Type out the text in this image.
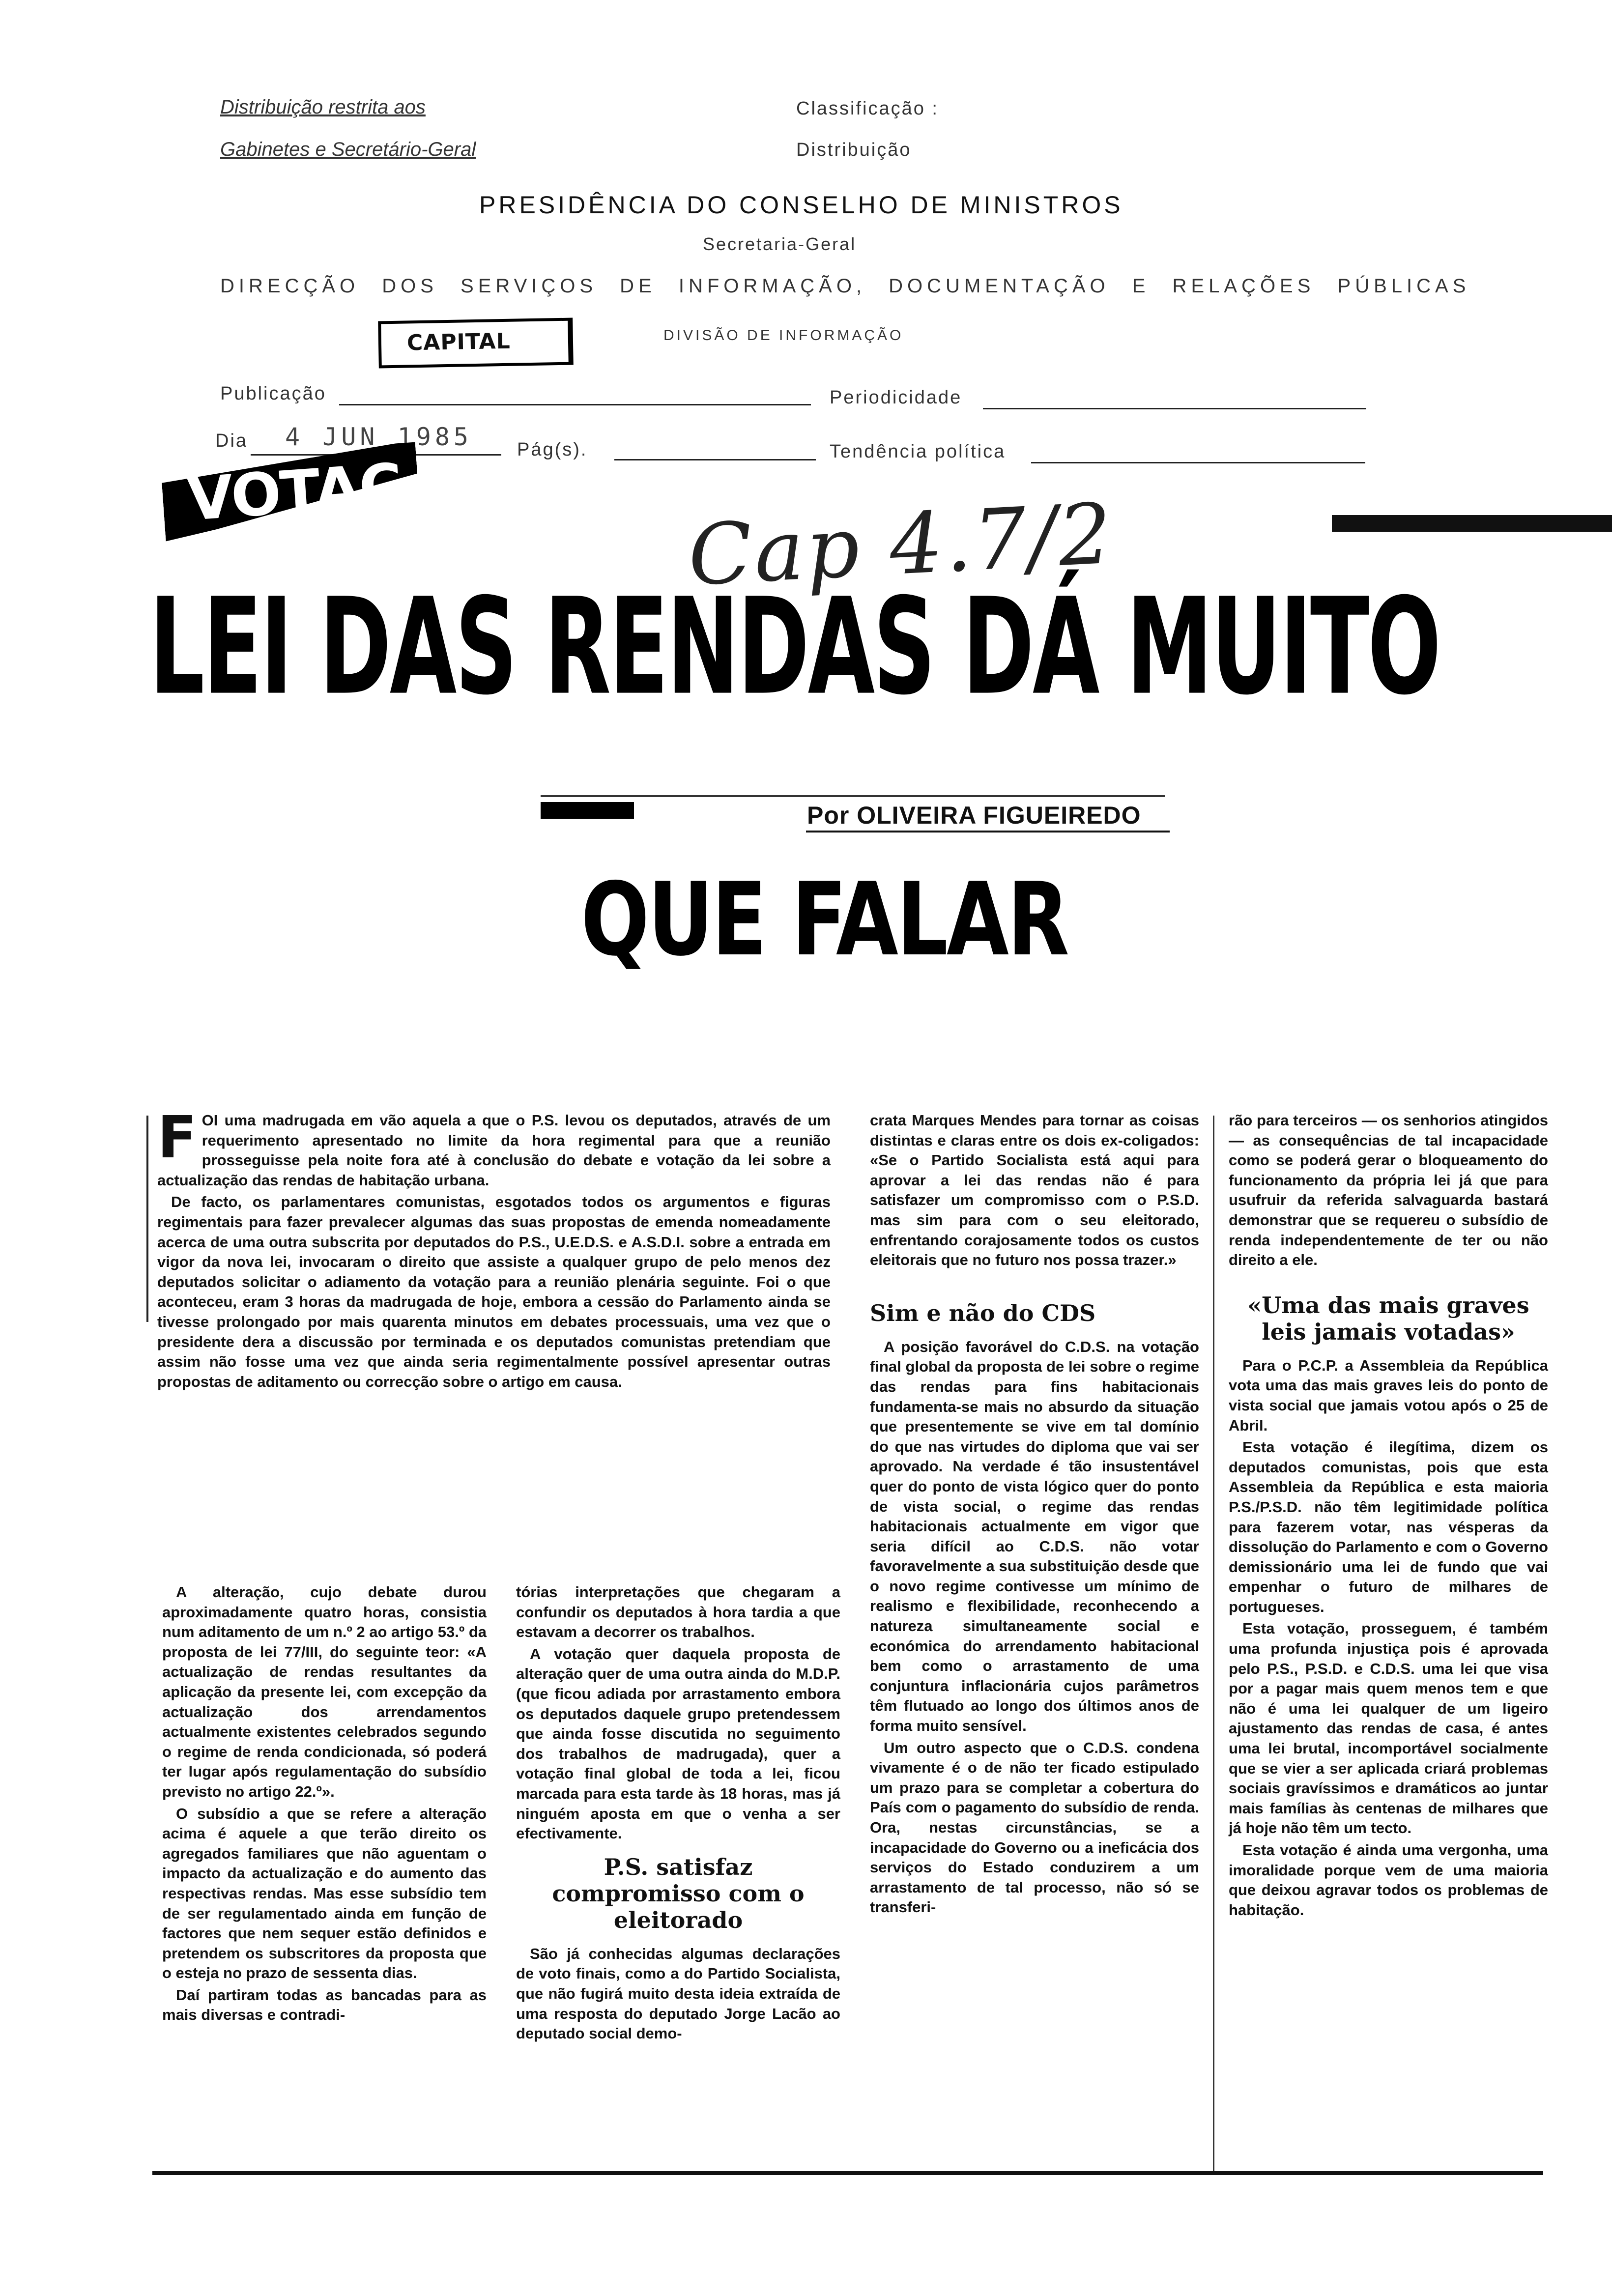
Distribuição restrita aos
Gabinetes e Secretário-Geral
Classificação :
Distribuição
PRESIDÊNCIA DO CONSELHO DE MINISTROS
Secretaria-Geral
DIRECÇÃO DOS SERVIÇOS DE INFORMAÇÃO, DOCUMENTAÇÃO E RELAÇÕES PÚBLICAS
CAPITAL	DIVISÃO DE INFORMAÇÃO
Publicação	Periodicidade
Dia 4 JUN 1985 Pág(s).	Tendência política
VOTAÇ	Cap 4.7/2
LEI DAS RENDAS DÁ MUITO
Por OLIVEIRA FIGUEIREDO
QUE FALAR

FOI uma madrugada em vão aquela a que o P.S. levou os deputados, através de um requerimento apresentado no limite da hora regimental para que a reunião prosseguisse pela noite fora até à conclusão do debate e votação da lei sobre a actualização das rendas de habitação urbana.

De facto, os parlamentares comunistas, esgotados todos os argumentos e figuras regimentais para fazer prevalecer algumas das suas propostas de emenda nomeadamente acerca de uma outra subscrita por deputados do P.S., U.E.D.S. e A.S.D.I. sobre a entrada em vigor da nova lei, invocaram o direito que assiste a qualquer grupo de pelo menos dez deputados solicitar o adiamento da votação para a reunião plenária seguinte. Foi o que aconteceu, eram 3 horas da madrugada de hoje, embora a cessão do Parlamento ainda se tivesse prolongado por mais quarenta minutos em debates processuais, uma vez que o presidente dera a discussão por terminada e os deputados comunistas pretendiam que assim não fosse uma vez que ainda seria regimentalmente possível apresentar outras propostas de aditamento ou correcção sobre o artigo em causa.

A alteração, cujo debate durou aproximadamente quatro horas, consistia num aditamento de um n.º 2 ao artigo 53.º da proposta de lei 77/III, do seguinte teor: «A actualização de rendas resultantes da aplicação da presente lei, com excepção da actualização dos arrendamentos actualmente existentes celebrados segundo o regime de renda condicionada, só poderá ter lugar após regulamentação do subsídio previsto no artigo 22.º».

O subsídio a que se refere a alteração acima é aquele a que terão direito os agregados familiares que não aguentam o impacto da actualização e do aumento das respectivas rendas. Mas esse subsídio tem de ser regulamentado ainda em função de factores que nem sequer estão definidos e pretendem os subscritores da proposta que o esteja no prazo de sessenta dias.

Daí partiram todas as bancadas para as mais diversas e contradi-

tórias interpretações que chegaram a confundir os deputados à hora tardia a que estavam a decorrer os trabalhos.

A votação quer daquela proposta de alteração quer de uma outra ainda do M.D.P. (que ficou adiada por arrastamento embora os deputados daquele grupo pretendessem que ainda fosse discutida no seguimento dos trabalhos de madrugada), quer a votação final global de toda a lei, ficou marcada para esta tarde às 18 horas, mas já ninguém aposta em que o venha a ser efectivamente.

P.S. satisfaz compromisso com o eleitorado

São já conhecidas algumas declarações de voto finais, como a do Partido Socialista, que não fugirá muito desta ideia extraída de uma resposta do deputado Jorge Lacão ao deputado social demo-

crata Marques Mendes para tornar as coisas distintas e claras entre os dois ex-coligados: «Se o Partido Socialista está aqui para aprovar a lei das rendas não é para satisfazer um compromisso com o P.S.D. mas sim para com o seu eleitorado, enfrentando corajosamente todos os custos eleitorais que no futuro nos possa trazer.»

Sim e não do CDS

A posição favorável do C.D.S. na votação final global da proposta de lei sobre o regime das rendas para fins habitacionais fundamenta-se mais no absurdo da situação que presentemente se vive em tal domínio do que nas virtudes do diploma que vai ser aprovado. Na verdade é tão insustentável quer do ponto de vista lógico quer do ponto de vista social, o regime das rendas habitacionais actualmente em vigor que seria difícil ao C.D.S. não votar favoravelmente a sua substituição desde que o novo regime contivesse um mínimo de realismo e flexibilidade, reconhecendo a natureza simultaneamente social e económica do arrendamento habitacional bem como o arrastamento de uma conjuntura inflacionária cujos parâmetros têm flutuado ao longo dos últimos anos de forma muito sensível.

Um outro aspecto que o C.D.S. condena vivamente é o de não ter ficado estipulado um prazo para se completar a cobertura do País com o pagamento do subsídio de renda. Ora, nestas circunstâncias, se a incapacidade do Governo ou a ineficácia dos serviços do Estado conduzirem a um arrastamento de tal processo, não só se transferi-

rão para terceiros — os senhorios atingidos — as consequências de tal incapacidade como se poderá gerar o bloqueamento do funcionamento da própria lei já que para usufruir da referida salvaguarda bastará demonstrar que se requereu o subsídio de renda independentemente de ter ou não direito a ele.

«Uma das mais graves leis jamais votadas»

Para o P.C.P. a Assembleia da República vota uma das mais graves leis do ponto de vista social que jamais votou após o 25 de Abril.

Esta votação é ilegítima, dizem os deputados comunistas, pois que esta Assembleia da República e esta maioria P.S./P.S.D. não têm legitimidade política para fazerem votar, nas vésperas da dissolução do Parlamento e com o Governo demissionário uma lei de fundo que vai empenhar o futuro de milhares de portugueses.

Esta votação, prosseguem, é também uma profunda injustiça pois é aprovada pelo P.S., P.S.D. e C.D.S. uma lei que visa por a pagar mais quem menos tem e que não é uma lei qualquer de um ligeiro ajustamento das rendas de casa, é antes uma lei brutal, incomportável socialmente que se vier a ser aplicada criará problemas sociais gravíssimos e dramáticos ao juntar mais famílias às centenas de milhares que já hoje não têm um tecto.

Esta votação é ainda uma vergonha, uma imoralidade porque vem de uma maioria que deixou agravar todos os problemas de habitação.
